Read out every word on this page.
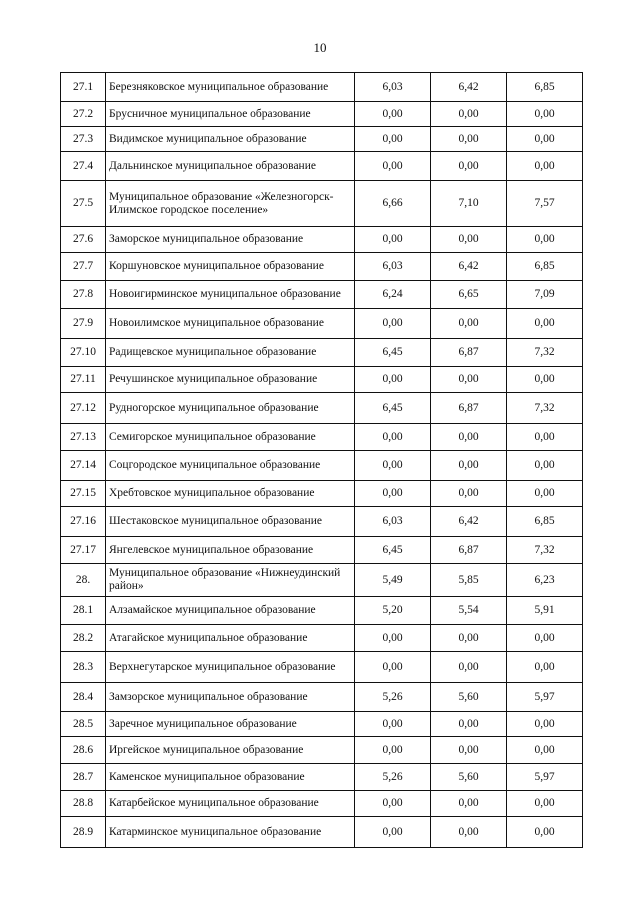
10
27.1	Березняковское муниципальное образование	6,03	6,42	6,85
27.2	Брусничное муниципальное образование	0,00	0,00	0,00
27.3	Видимское муниципальное образование	0,00	0,00	0,00
27.4	Дальнинское муниципальное образование	0,00	0,00	0,00
27.5	Муниципальное образование «Железногорск-Илимское городское поселение»	6,66	7,10	7,57
27.6	Заморское муниципальное образование	0,00	0,00	0,00
27.7	Коршуновское муниципальное образование	6,03	6,42	6,85
27.8	Новоигирминское муниципальное образование	6,24	6,65	7,09
27.9	Новоилимское муниципальное образование	0,00	0,00	0,00
27.10	Радищевское муниципальное образование	6,45	6,87	7,32
27.11	Речушинское муниципальное образование	0,00	0,00	0,00
27.12	Рудногорское муниципальное образование	6,45	6,87	7,32
27.13	Семигорское муниципальное образование	0,00	0,00	0,00
27.14	Соцгородское муниципальное образование	0,00	0,00	0,00
27.15	Хребтовское муниципальное образование	0,00	0,00	0,00
27.16	Шестаковское муниципальное образование	6,03	6,42	6,85
27.17	Янгелевское муниципальное образование	6,45	6,87	7,32
28.	Муниципальное образование «Нижнеудинский район»	5,49	5,85	6,23
28.1	Алзамайское муниципальное образование	5,20	5,54	5,91
28.2	Атагайское муниципальное образование	0,00	0,00	0,00
28.3	Верхнегутарское муниципальное образование	0,00	0,00	0,00
28.4	Замзорское муниципальное образование	5,26	5,60	5,97
28.5	Заречное муниципальное образование	0,00	0,00	0,00
28.6	Иргейское муниципальное образование	0,00	0,00	0,00
28.7	Каменское муниципальное образование	5,26	5,60	5,97
28.8	Катарбейское муниципальное образование	0,00	0,00	0,00
28.9	Катарминское муниципальное образование	0,00	0,00	0,00
